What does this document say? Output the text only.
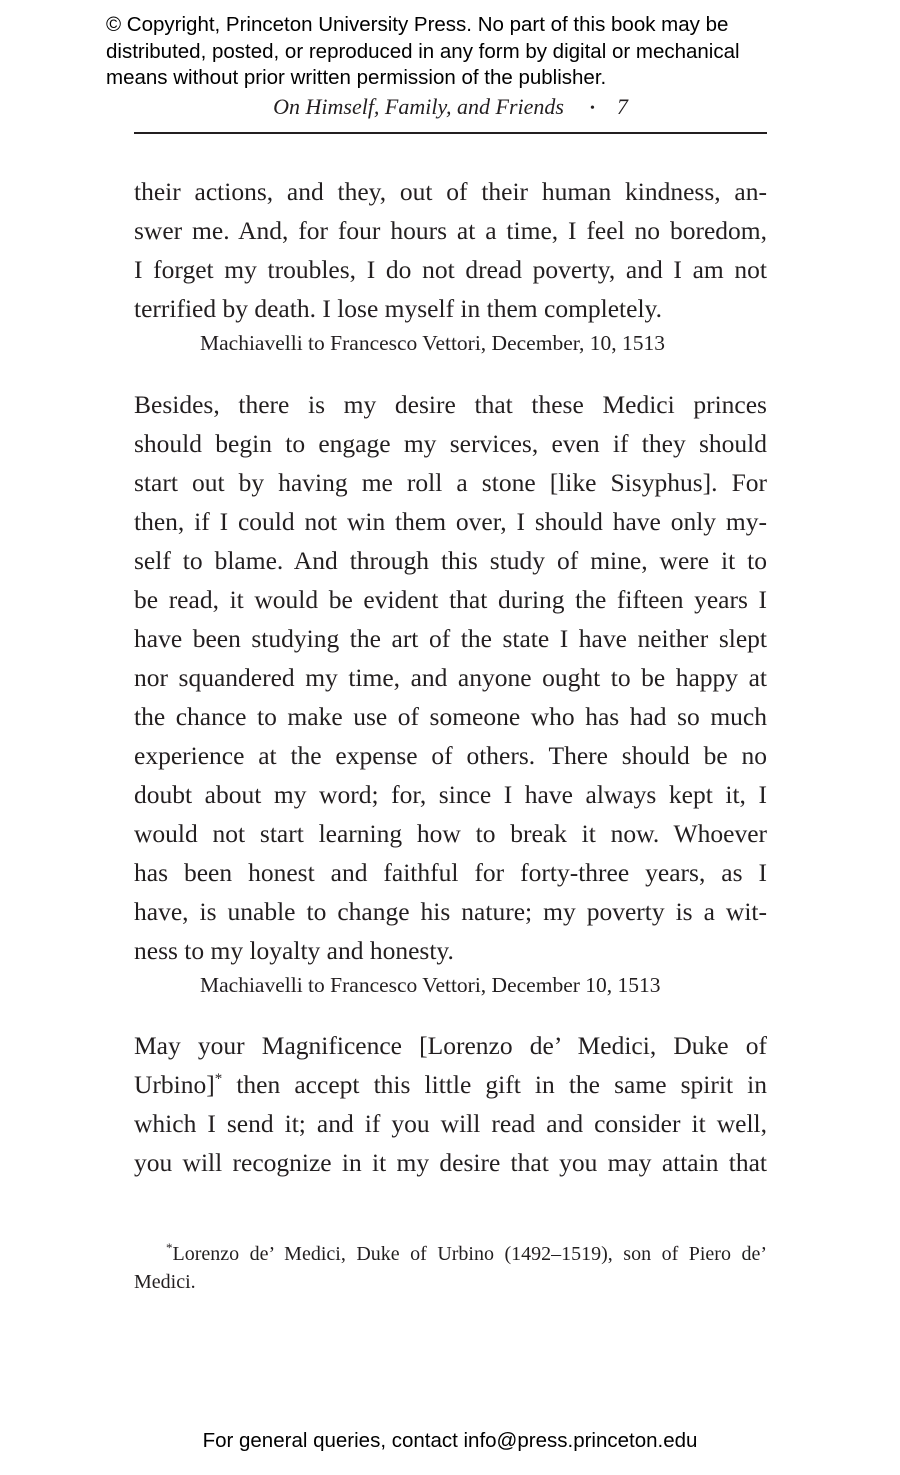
© Copyright, Princeton University Press. No part of this book may be
distributed, posted, or reproduced in any form by digital or mechanical
means without prior written permission of the publisher.
On Himself, Family, and Friends • 7
their actions, and they, out of their human kindness, an-
swer me. And, for four hours at a time, I feel no boredom,
I forget my troubles, I do not dread poverty, and I am not
terrified by death. I lose myself in them completely.
Machiavelli to Francesco Vettori, December, 10, 1513
Besides, there is my desire that these Medici princes
should begin to engage my services, even if they should
start out by having me roll a stone [like Sisyphus]. For
then, if I could not win them over, I should have only my-
self to blame. And through this study of mine, were it to
be read, it would be evident that during the fifteen years I
have been studying the art of the state I have neither slept
nor squandered my time, and anyone ought to be happy at
the chance to make use of someone who has had so much
experience at the expense of others. There should be no
doubt about my word; for, since I have always kept it, I
would not start learning how to break it now. Whoever
has been honest and faithful for forty-three years, as I
have, is unable to change his nature; my poverty is a wit-
ness to my loyalty and honesty.
Machiavelli to Francesco Vettori, December 10, 1513
May your Magnificence [Lorenzo de’ Medici, Duke of
Urbino]* then accept this little gift in the same spirit in
which I send it; and if you will read and consider it well,
you will recognize in it my desire that you may attain that
*Lorenzo de’ Medici, Duke of Urbino (1492–1519), son of Piero de’
Medici.
For general queries, contact info@press.princeton.edu
